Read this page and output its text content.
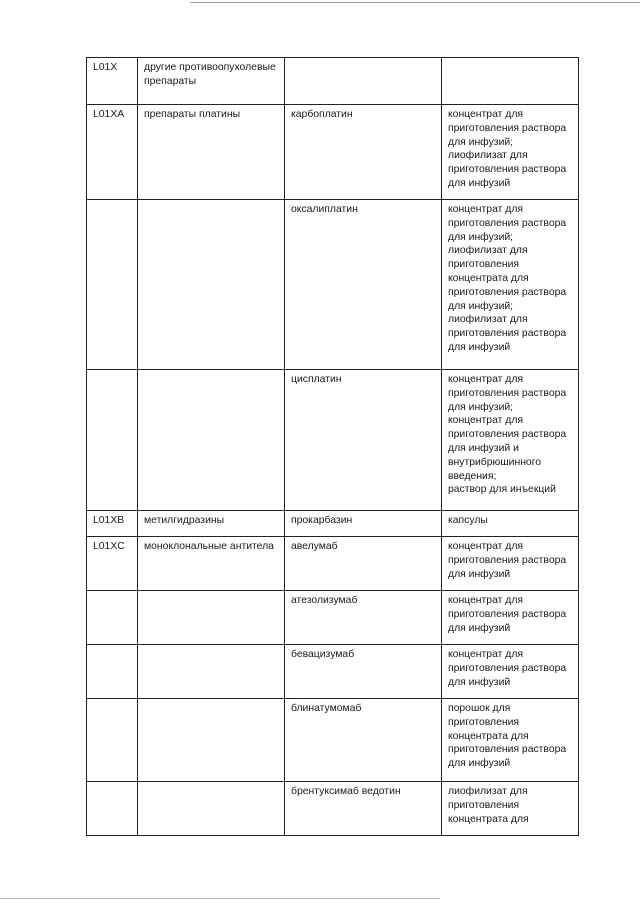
L01X	другие противоопухолевые препараты		

L01XA	препараты платины	карбоплатин	концентрат для приготовления раствора для инфузий;
лиофилизат для приготовления раствора для инфузий

		оксалиплатин	концентрат для приготовления раствора для инфузий;
лиофилизат для приготовления концентрата для приготовления раствора для инфузий;
лиофилизат для приготовления раствора для инфузий

		цисплатин	концентрат для приготовления раствора для инфузий;
концентрат для приготовления раствора для инфузий и внутрибрюшинного введения;
раствор для инъекций

L01XB	метилгидразины	прокарбазин	капсулы

L01XC	моноклональные антитела	авелумаб	концентрат для приготовления раствора для инфузий

		атезолизумаб	концентрат для приготовления раствора для инфузий

		бевацизумаб	концентрат для приготовления раствора для инфузий

		блинатумомаб	порошок для приготовления концентрата для приготовления раствора для инфузий

		брентуксимаб ведотин	лиофилизат для приготовления концентрата для
